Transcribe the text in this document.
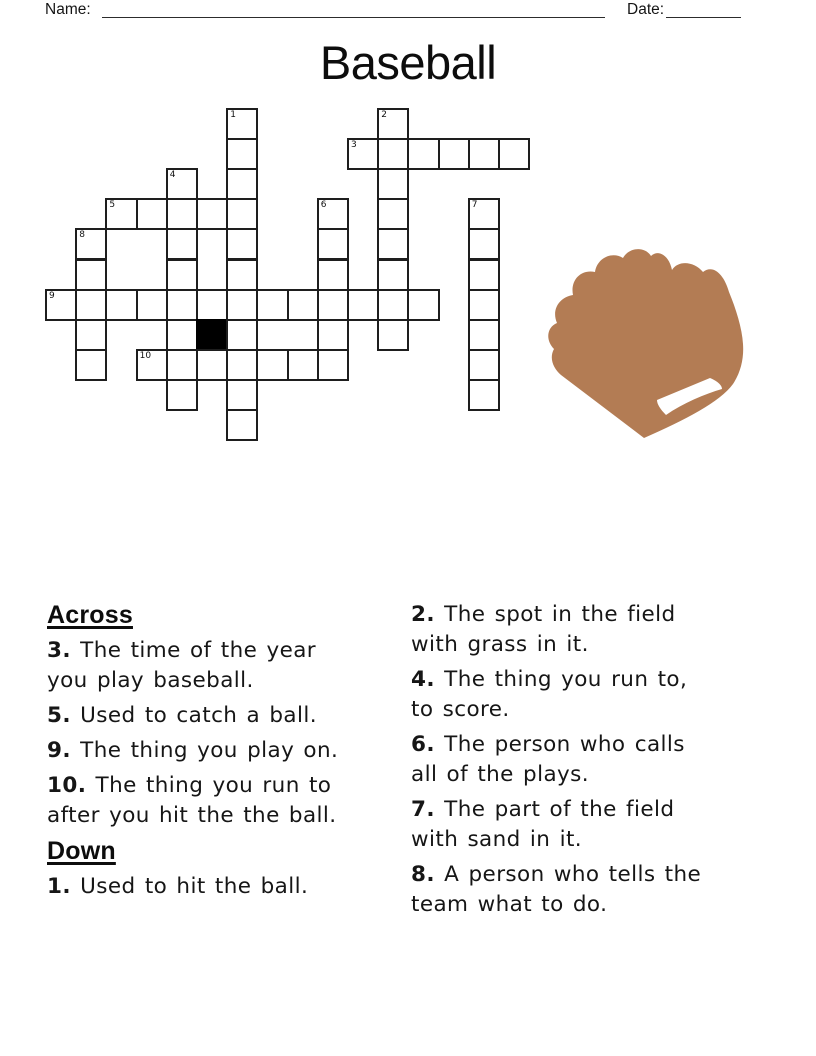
Name:	Date:
Baseball
1	2
3
4
5	6	7
8
9
10
Across
3. The time of the year
you play baseball.
5. Used to catch a ball.
9. The thing you play on.
10. The thing you run to
after you hit the the ball.
Down
1. Used to hit the ball.
2. The spot in the field
with grass in it.
4. The thing you run to,
to score.
6. The person who calls
all of the plays.
7. The part of the field
with sand in it.
8. A person who tells the
team what to do.
